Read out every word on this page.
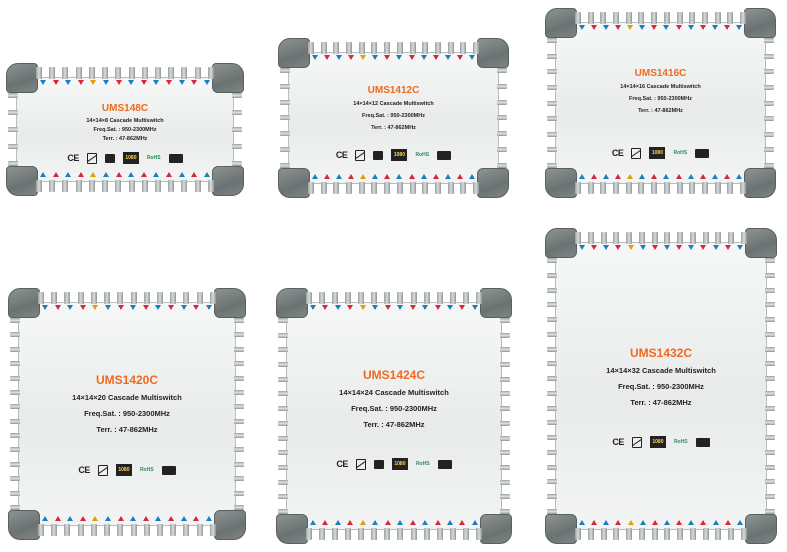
UMS148C
14×14×8 Cascade Multiswitch
Freq.Sat. : 950-2300MHz
Terr. : 47-862MHz
CE	1080 RoHS
UMS1412C
14×14×12 Cascade Multiswitch
Freq.Sat. : 950-2300MHz
Terr. : 47-862MHz
CE	1080 RoHS
UMS1416C
14×14×16 Cascade Multiswitch
Freq.Sat. : 950-2300MHz
Terr. : 47-862MHz
CE	1080 RoHS
UMS1420C
14×14×20 Cascade Multiswitch
Freq.Sat. : 950-2300MHz
Terr. : 47-862MHz
CE	1080 RoHS
UMS1424C
14×14×24 Cascade Multiswitch
Freq.Sat. : 950-2300MHz
Terr. : 47-862MHz
CE	1080 RoHS
UMS1432C
14×14×32 Cascade Multiswitch
Freq.Sat. : 950-2300MHz
Terr. : 47-862MHz
CE	1080 RoHS
